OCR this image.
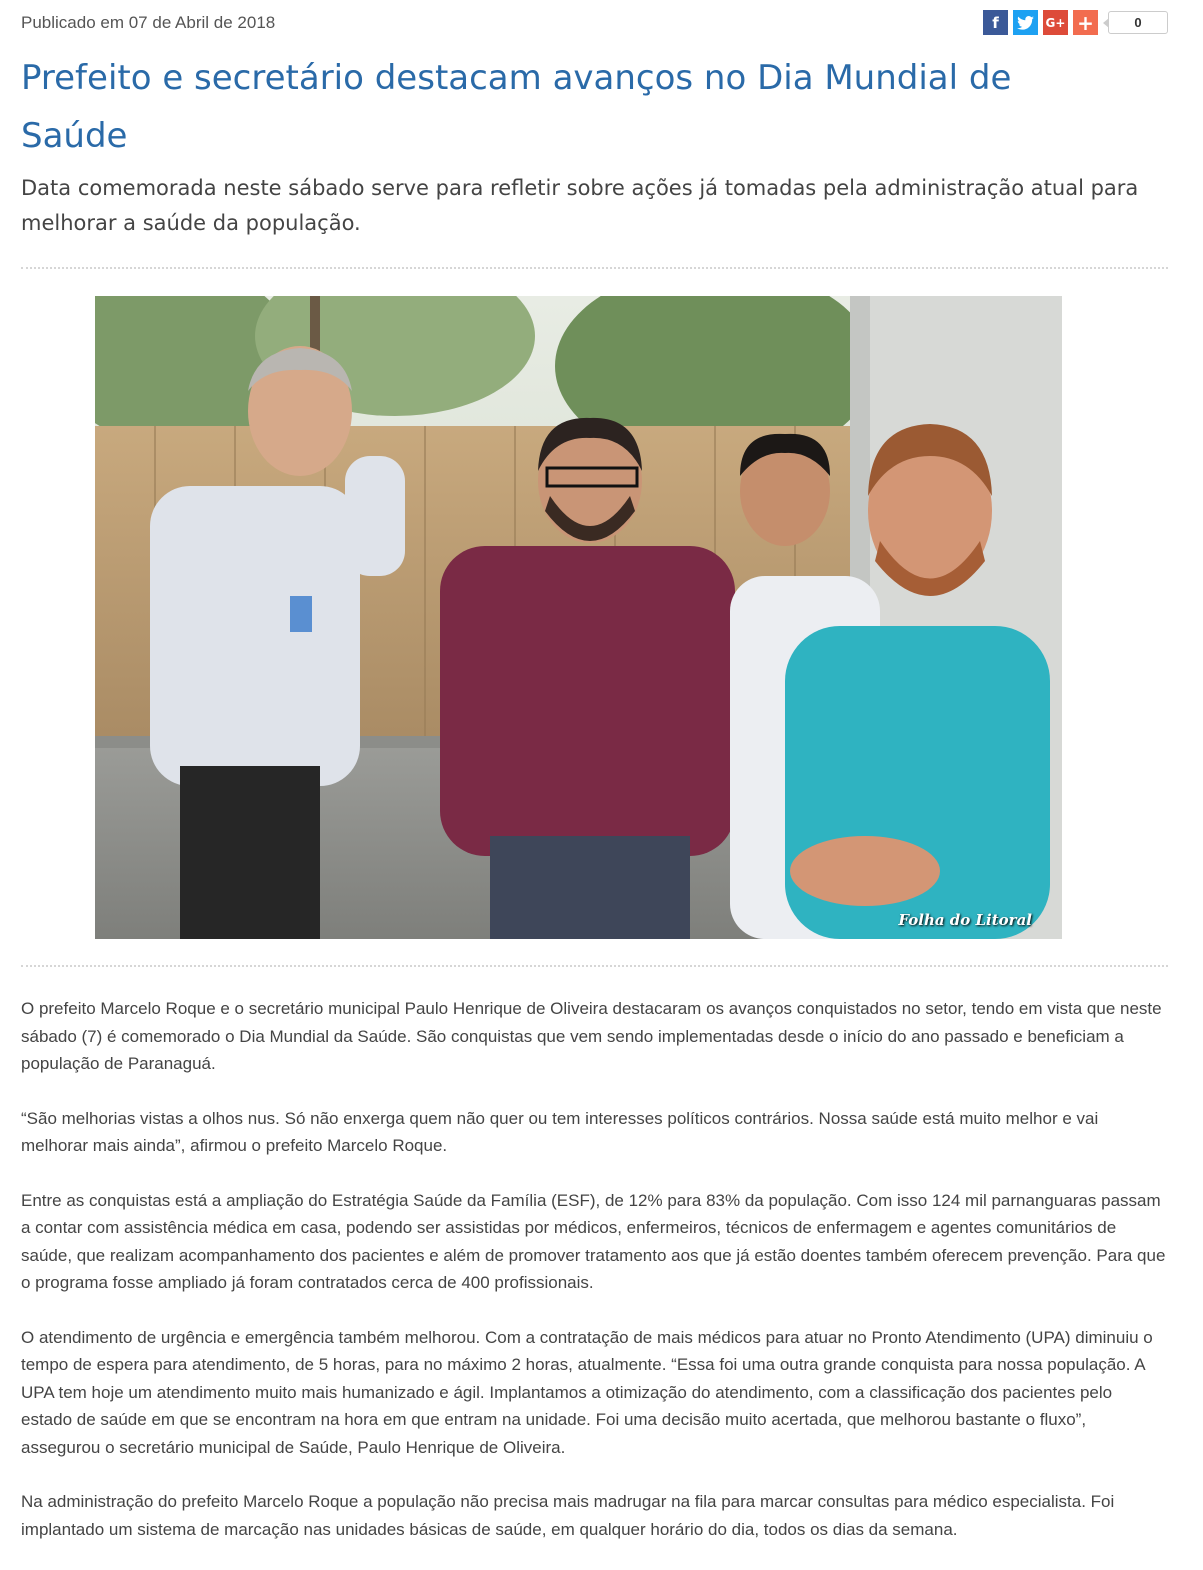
Publicado em 07 de Abril de 2018	f	G+ +	0
Prefeito e secretário destacam avanços no Dia Mundial de Saúde
Data comemorada neste sábado serve para refletir sobre ações já tomadas pela administração atual para melhorar a saúde da população.
Folha do Litoral

O prefeito Marcelo Roque e o secretário municipal Paulo Henrique de Oliveira destacaram os avanços conquistados no setor, tendo em vista que neste sábado (7) é comemorado o Dia Mundial da Saúde. São conquistas que vem sendo implementadas desde o início do ano passado e beneficiam a população de Paranaguá.

“São melhorias vistas a olhos nus. Só não enxerga quem não quer ou tem interesses políticos contrários. Nossa saúde está muito melhor e vai melhorar mais ainda”, afirmou o prefeito Marcelo Roque.

Entre as conquistas está a ampliação do Estratégia Saúde da Família (ESF), de 12% para 83% da população. Com isso 124 mil parnanguaras passam a contar com assistência médica em casa, podendo ser assistidas por médicos, enfermeiros, técnicos de enfermagem e agentes comunitários de saúde, que realizam acompanhamento dos pacientes e além de promover tratamento aos que já estão doentes também oferecem prevenção. Para que o programa fosse ampliado já foram contratados cerca de 400 profissionais.

O atendimento de urgência e emergência também melhorou. Com a contratação de mais médicos para atuar no Pronto Atendimento (UPA) diminuiu o tempo de espera para atendimento, de 5 horas, para no máximo 2 horas, atualmente. “Essa foi uma outra grande conquista para nossa população. A UPA tem hoje um atendimento muito mais humanizado e ágil. Implantamos a otimização do atendimento, com a classificação dos pacientes pelo estado de saúde em que se encontram na hora em que entram na unidade. Foi uma decisão muito acertada, que melhorou bastante o fluxo”, assegurou o secretário municipal de Saúde, Paulo Henrique de Oliveira.

Na administração do prefeito Marcelo Roque a população não precisa mais madrugar na fila para marcar consultas para médico especialista. Foi implantado um sistema de marcação nas unidades básicas de saúde, em qualquer horário do dia, todos os dias da semana.
